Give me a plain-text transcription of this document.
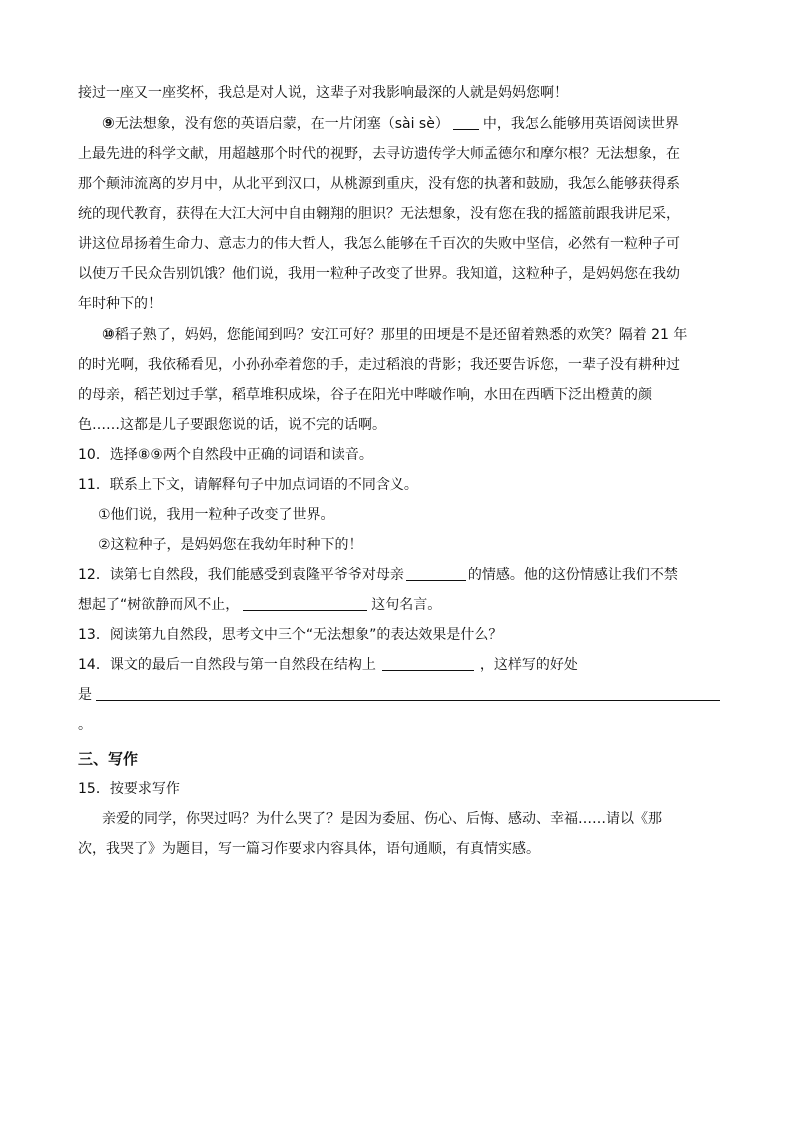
接过一座又一座奖杯，我总是对人说，这辈子对我影响最深的人就是妈妈您啊！
⑨无法想象，没有您的英语启蒙，在一片闭塞（sài sè） 中，我怎么能够用英语阅读世界
上最先进的科学文献，用超越那个时代的视野，去寻访遗传学大师孟德尔和摩尔根？无法想象，在
那个颠沛流离的岁月中，从北平到汉口，从桃源到重庆，没有您的执著和鼓励，我怎么能够获得系
统的现代教育，获得在大江大河中自由翱翔的胆识？无法想象，没有您在我的摇篮前跟我讲尼采，
讲这位昂扬着生命力、意志力的伟大哲人，我怎么能够在千百次的失败中坚信，必然有一粒种子可
以使万千民众告别饥饿？他们说，我用一粒种子改变了世界。我知道，这粒种子，是妈妈您在我幼
年时种下的！
⑩稻子熟了，妈妈，您能闻到吗？安江可好？那里的田埂是不是还留着熟悉的欢笑？隔着 21 年
的时光啊，我依稀看见，小孙孙牵着您的手，走过稻浪的背影；我还要告诉您，一辈子没有耕种过
的母亲，稻芒划过手掌，稻草堆积成垛，谷子在阳光中哔啵作响，水田在西晒下泛出橙黄的颜
色……这都是儿子要跟您说的话，说不完的话啊。
10．选择⑧⑨两个自然段中正确的词语和读音。
11．联系上下文，请解释句子中加点词语的不同含义。
①他们说，我用一粒种子改变了世界。
②这粒种子，是妈妈您在我幼年时种下的！
12．读第七自然段，我们能感受到袁隆平爷爷对母亲	的情感。他的这份情感让我们不禁
想起了“树欲静而风不止，	这句名言。
13．阅读第九自然段，思考文中三个“无法想象”的表达效果是什么？
14．课文的最后一自然段与第一自然段在结构上	，这样写的好处
是
。
三、写作
15．按要求写作
亲爱的同学，你哭过吗？为什么哭了？是因为委屈、伤心、后悔、感动、幸福……请以《那
次，我哭了》为题目，写一篇习作要求内容具体，语句通顺，有真情实感。
